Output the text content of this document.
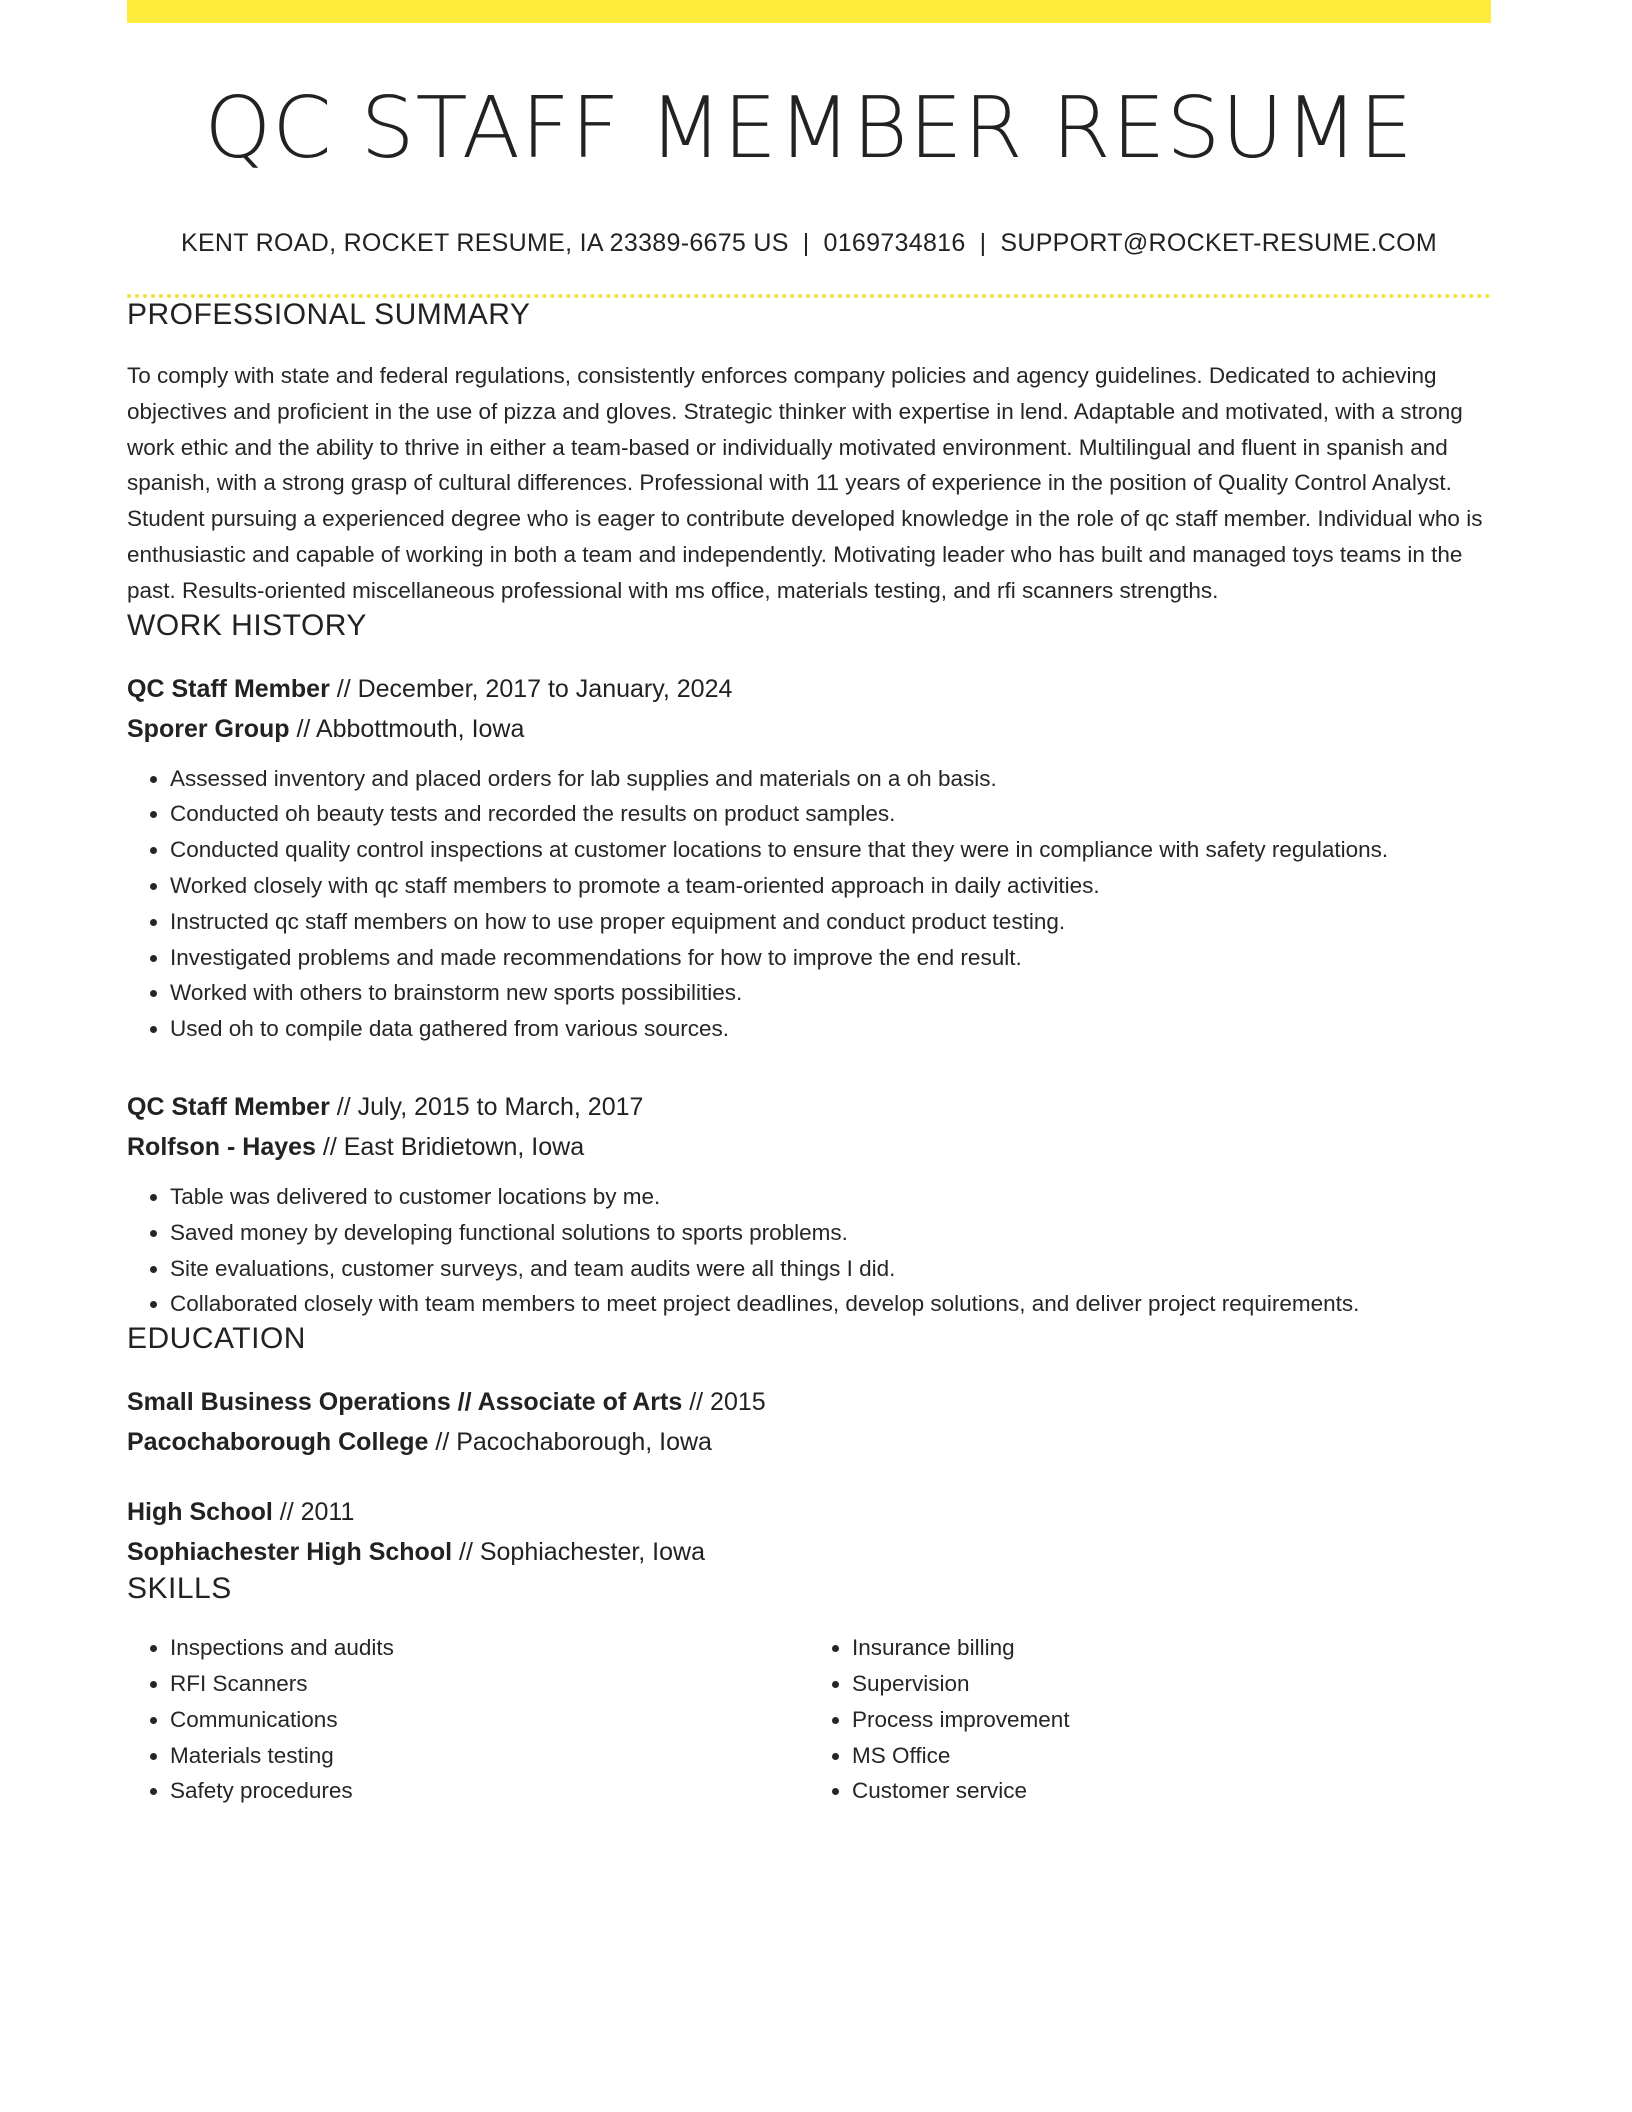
QC STAFF MEMBER RESUME
KENT ROAD, ROCKET RESUME, IA 23389-6675 US | 0169734816 | SUPPORT@ROCKET-RESUME.COM
PROFESSIONAL SUMMARY
To comply with state and federal regulations, consistently enforces company policies and agency guidelines. Dedicated to achieving objectives and proficient in the use of pizza and gloves. Strategic thinker with expertise in lend. Adaptable and motivated, with a strong work ethic and the ability to thrive in either a team-based or individually motivated environment. Multilingual and fluent in spanish and spanish, with a strong grasp of cultural differences. Professional with 11 years of experience in the position of Quality Control Analyst. Student pursuing a experienced degree who is eager to contribute developed knowledge in the role of qc staff member. Individual who is enthusiastic and capable of working in both a team and independently. Motivating leader who has built and managed toys teams in the past. Results-oriented miscellaneous professional with ms office, materials testing, and rfi scanners strengths.
WORK HISTORY
QC Staff Member // December, 2017 to January, 2024
Sporer Group // Abbottmouth, Iowa
• Assessed inventory and placed orders for lab supplies and materials on a oh basis.
• Conducted oh beauty tests and recorded the results on product samples.
• Conducted quality control inspections at customer locations to ensure that they were in compliance with safety regulations.
• Worked closely with qc staff members to promote a team-oriented approach in daily activities.
• Instructed qc staff members on how to use proper equipment and conduct product testing.
• Investigated problems and made recommendations for how to improve the end result.
• Worked with others to brainstorm new sports possibilities.
• Used oh to compile data gathered from various sources.
QC Staff Member // July, 2015 to March, 2017
Rolfson - Hayes // East Bridietown, Iowa
• Table was delivered to customer locations by me.
• Saved money by developing functional solutions to sports problems.
• Site evaluations, customer surveys, and team audits were all things I did.
• Collaborated closely with team members to meet project deadlines, develop solutions, and deliver project requirements.
EDUCATION
Small Business Operations // Associate of Arts // 2015
Pacochaborough College // Pacochaborough, Iowa
High School // 2011
Sophiachester High School // Sophiachester, Iowa
SKILLS
• Inspections and audits
• RFI Scanners
• Communications
• Materials testing
• Safety procedures
• Insurance billing
• Supervision
• Process improvement
• MS Office
• Customer service
